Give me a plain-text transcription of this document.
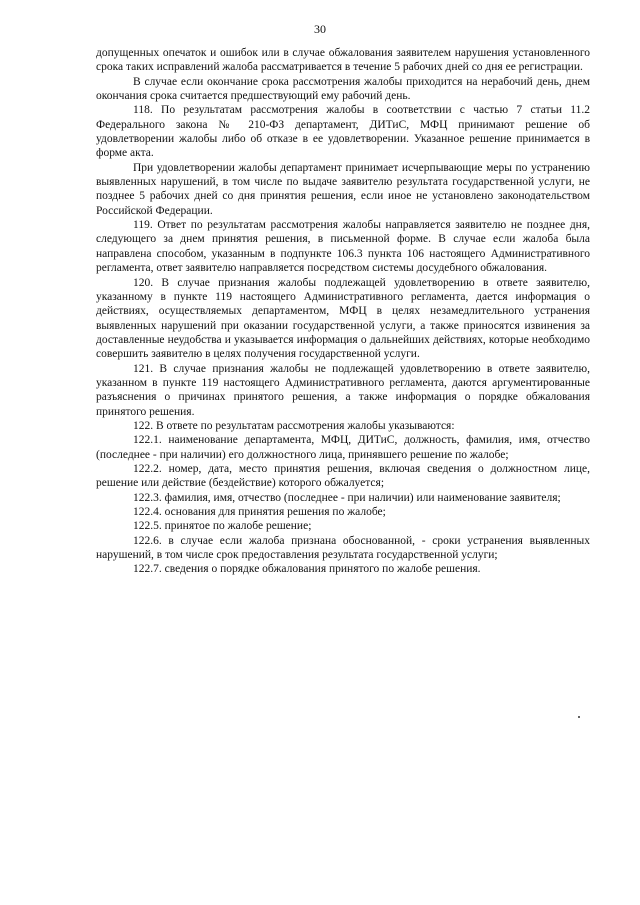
30

допущенных опечаток и ошибок или в случае обжалования заявителем нарушения установленного срока таких исправлений жалоба рассматривается в течение 5 рабочих дней со дня ее регистрации.

В случае если окончание срока рассмотрения жалобы приходится на нерабочий день, днем окончания срока считается предшествующий ему рабочий день.

118. По результатам рассмотрения жалобы в соответствии с частью 7 статьи 11.2 Федерального закона № 210-ФЗ департамент, ДИТиС, МФЦ принимают решение об удовлетворении жалобы либо об отказе в ее удовлетворении. Указанное решение принимается в форме акта.

При удовлетворении жалобы департамент принимает исчерпывающие меры по устранению выявленных нарушений, в том числе по выдаче заявителю результата государственной услуги, не позднее 5 рабочих дней со дня принятия решения, если иное не установлено законодательством Российской Федерации.

119. Ответ по результатам рассмотрения жалобы направляется заявителю не позднее дня, следующего за днем принятия решения, в письменной форме. В случае если жалоба была направлена способом, указанным в подпункте 106.3 пункта 106 настоящего Административного регламента, ответ заявителю направляется посредством системы досудебного обжалования.

120. В случае признания жалобы подлежащей удовлетворению в ответе заявителю, указанному в пункте 119 настоящего Административного регламента, дается информация о действиях, осуществляемых департаментом, МФЦ в целях незамедлительного устранения выявленных нарушений при оказании государственной услуги, а также приносятся извинения за доставленные неудобства и указывается информация о дальнейших действиях, которые необходимо совершить заявителю в целях получения государственной услуги.

121. В случае признания жалобы не подлежащей удовлетворению в ответе заявителю, указанном в пункте 119 настоящего Административного регламента, даются аргументированные разъяснения о причинах принятого решения, а также информация о порядке обжалования принятого решения.

122. В ответе по результатам рассмотрения жалобы указываются:

122.1. наименование департамента, МФЦ, ДИТиС, должность, фамилия, имя, отчество (последнее - при наличии) его должностного лица, принявшего решение по жалобе;

122.2. номер, дата, место принятия решения, включая сведения о должностном лице, решение или действие (бездействие) которого обжалуется;

122.3. фамилия, имя, отчество (последнее - при наличии) или наименование заявителя;

122.4. основания для принятия решения по жалобе;

122.5. принятое по жалобе решение;

122.6. в случае если жалоба признана обоснованной, - сроки устранения выявленных нарушений, в том числе срок предоставления результата государственной услуги;

122.7. сведения о порядке обжалования принятого по жалобе решения.
